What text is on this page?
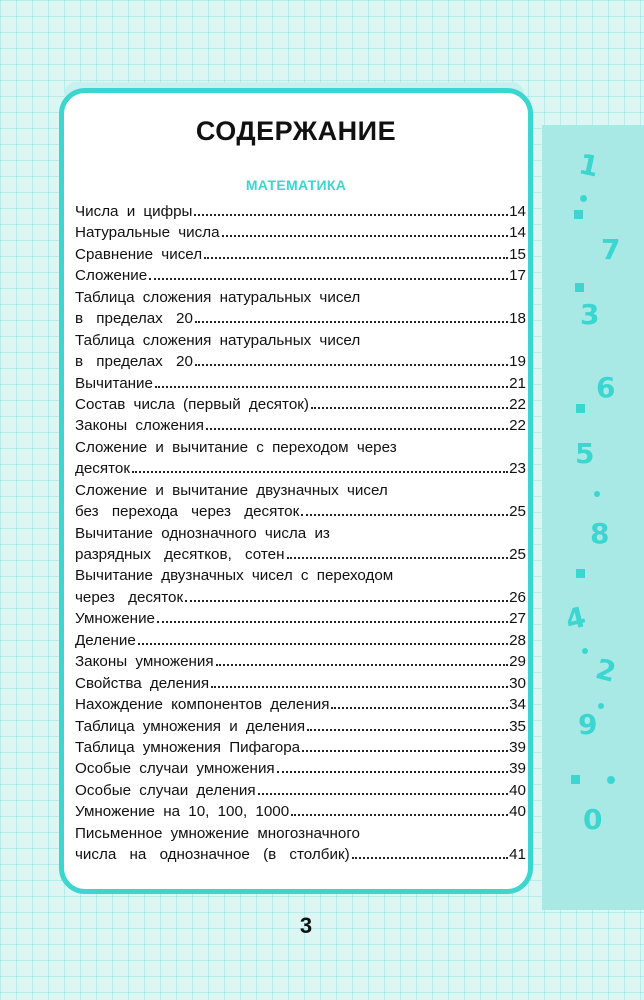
1
7
3
6
5
8
4
2
9
0
СОДЕРЖАНИЕ
МАТЕМАТИКА
Числа и цифры	14
Натуральные числа	14
Сравнение чисел	15
Сложение	17
Таблица сложения натуральных чисел
в пределах 20	18
Таблица сложения натуральных чисел
в пределах 20	19
Вычитание	21
Состав числа (первый десяток)	22
Законы сложения	22
Сложение и вычитание с переходом через
десяток	23
Сложение и вычитание двузначных чисел
без перехода через десяток	25
Вычитание однозначного числа из
разрядных десятков, сотен	25
Вычитание двузначных чисел с переходом
через десяток	26
Умножение	27
Деление	28
Законы умножения	29
Свойства деления	30
Нахождение компонентов деления	34
Таблица умножения и деления	35
Таблица умножения Пифагора	39
Особые случаи умножения	39
Особые случаи деления	40
Умножение на 10, 100, 1000	40
Письменное умножение многозначного
числа на однозначное (в столбик)	41
3
